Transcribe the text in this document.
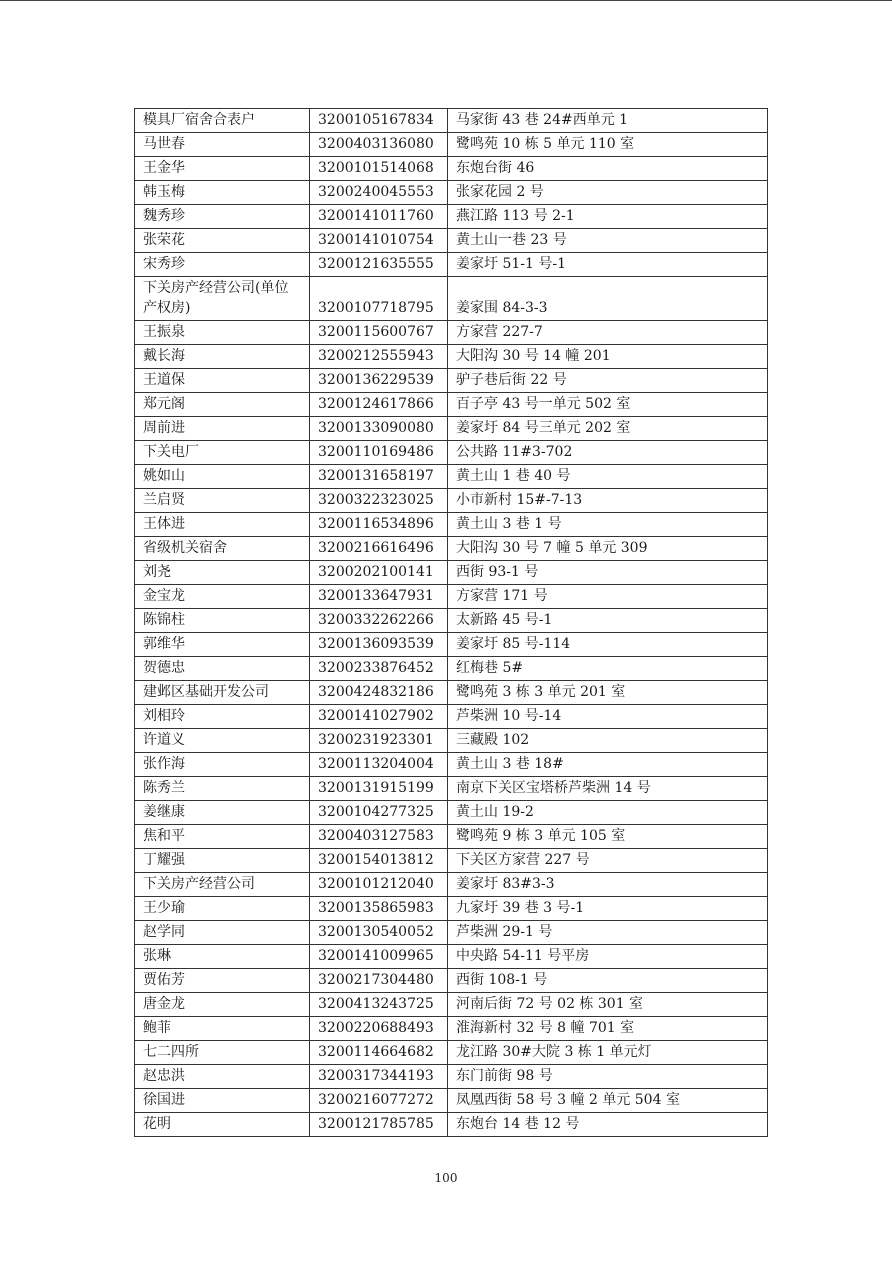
模具厂宿舍合表户	3200105167834	马家街 43 巷 24#西单元 1
马世春	3200403136080	鹭鸣苑 10 栋 5 单元 110 室
王金华	3200101514068	东炮台街 46
韩玉梅	3200240045553	张家花园 2 号
魏秀珍	3200141011760	燕江路 113 号 2-1
张荣花	3200141010754	黄土山一巷 23 号
宋秀珍	3200121635555	姜家圩 51-1 号-1
下关房产经营公司(单位产权房)	3200107718795	姜家围 84-3-3
王振泉	3200115600767	方家营 227-7
戴长海	3200212555943	大阳沟 30 号 14 幢 201
王道保	3200136229539	驴子巷后街 22 号
郑元阁	3200124617866	百子亭 43 号一单元 502 室
周前进	3200133090080	姜家圩 84 号三单元 202 室
下关电厂	3200110169486	公共路 11#3-702
姚如山	3200131658197	黄土山 1 巷 40 号
兰启贤	3200322323025	小市新村 15#-7-13
王体进	3200116534896	黄土山 3 巷 1 号
省级机关宿舍	3200216616496	大阳沟 30 号 7 幢 5 单元 309
刘尧	3200202100141	西街 93-1 号
金宝龙	3200133647931	方家营 171 号
陈锦柱	3200332262266	太新路 45 号-1
郭维华	3200136093539	姜家圩 85 号-114
贺德忠	3200233876452	红梅巷 5#
建邺区基础开发公司	3200424832186	鹭鸣苑 3 栋 3 单元 201 室
刘相玲	3200141027902	芦柴洲 10 号-14
许道义	3200231923301	三藏殿 102
张作海	3200113204004	黄土山 3 巷 18#
陈秀兰	3200131915199	南京下关区宝塔桥芦柴洲 14 号
姜继康	3200104277325	黄土山 19-2
焦和平	3200403127583	鹭鸣苑 9 栋 3 单元 105 室
丁耀强	3200154013812	下关区方家营 227 号
下关房产经营公司	3200101212040	姜家圩 83#3-3
王少瑜	3200135865983	九家圩 39 巷 3 号-1
赵学同	3200130540052	芦柴洲 29-1 号
张琳	3200141009965	中央路 54-11 号平房
贾佑芳	3200217304480	西街 108-1 号
唐金龙	3200413243725	河南后街 72 号 02 栋 301 室
鲍菲	3200220688493	淮海新村 32 号 8 幢 701 室
七二四所	3200114664682	龙江路 30#大院 3 栋 1 单元灯
赵忠洪	3200317344193	东门前街 98 号
徐国进	3200216077272	凤凰西街 58 号 3 幢 2 单元 504 室
花明	3200121785785	东炮台 14 巷 12 号
100
